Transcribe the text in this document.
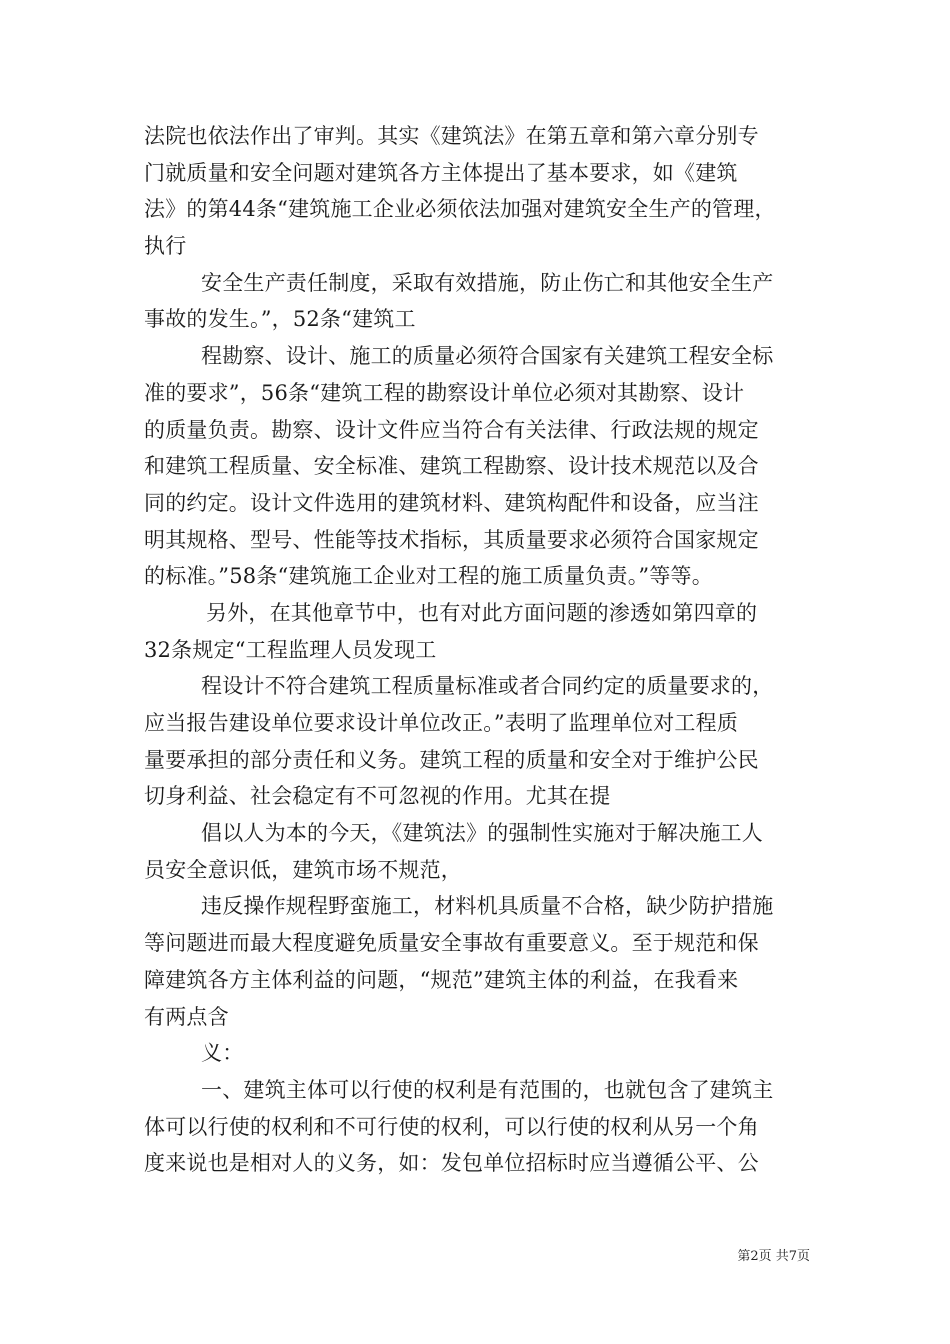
法院也依法作出了审判。其实《建筑法》在第五章和第六章分别专
门就质量和安全问题对建筑各方主体提出了基本要求，如《建筑
法》的第44条“建筑施工企业必须依法加强对建筑安全生产的管理，
执行
安全生产责任制度，采取有效措施，防止伤亡和其他安全生产
事故的发生。”，52条“建筑工
程勘察、设计、施工的质量必须符合国家有关建筑工程安全标
准的要求”，56条“建筑工程的勘察设计单位必须对其勘察、设计
的质量负责。勘察、设计文件应当符合有关法律、行政法规的规定
和建筑工程质量、安全标准、建筑工程勘察、设计技术规范以及合
同的约定。设计文件选用的建筑材料、建筑构配件和设备，应当注
明其规格、型号、性能等技术指标，其质量要求必须符合国家规定
的标准。”58条“建筑施工企业对工程的施工质量负责。”等等。
另外，在其他章节中，也有对此方面问题的渗透如第四章的
32条规定“工程监理人员发现工
程设计不符合建筑工程质量标准或者合同约定的质量要求的，
应当报告建设单位要求设计单位改正。”表明了监理单位对工程质
量要承担的部分责任和义务。建筑工程的质量和安全对于维护公民
切身利益、社会稳定有不可忽视的作用。尤其在提
倡以人为本的今天，《建筑法》的强制性实施对于解决施工人
员安全意识低，建筑市场不规范，
违反操作规程野蛮施工，材料机具质量不合格，缺少防护措施
等问题进而最大程度避免质量安全事故有重要意义。至于规范和保
障建筑各方主体利益的问题，“规范”建筑主体的利益，在我看来
有两点含
义：
一、建筑主体可以行使的权利是有范围的，也就包含了建筑主
体可以行使的权利和不可行使的权利，可以行使的权利从另一个角
度来说也是相对人的义务，如：发包单位招标时应当遵循公平、公
第2页 共7页
